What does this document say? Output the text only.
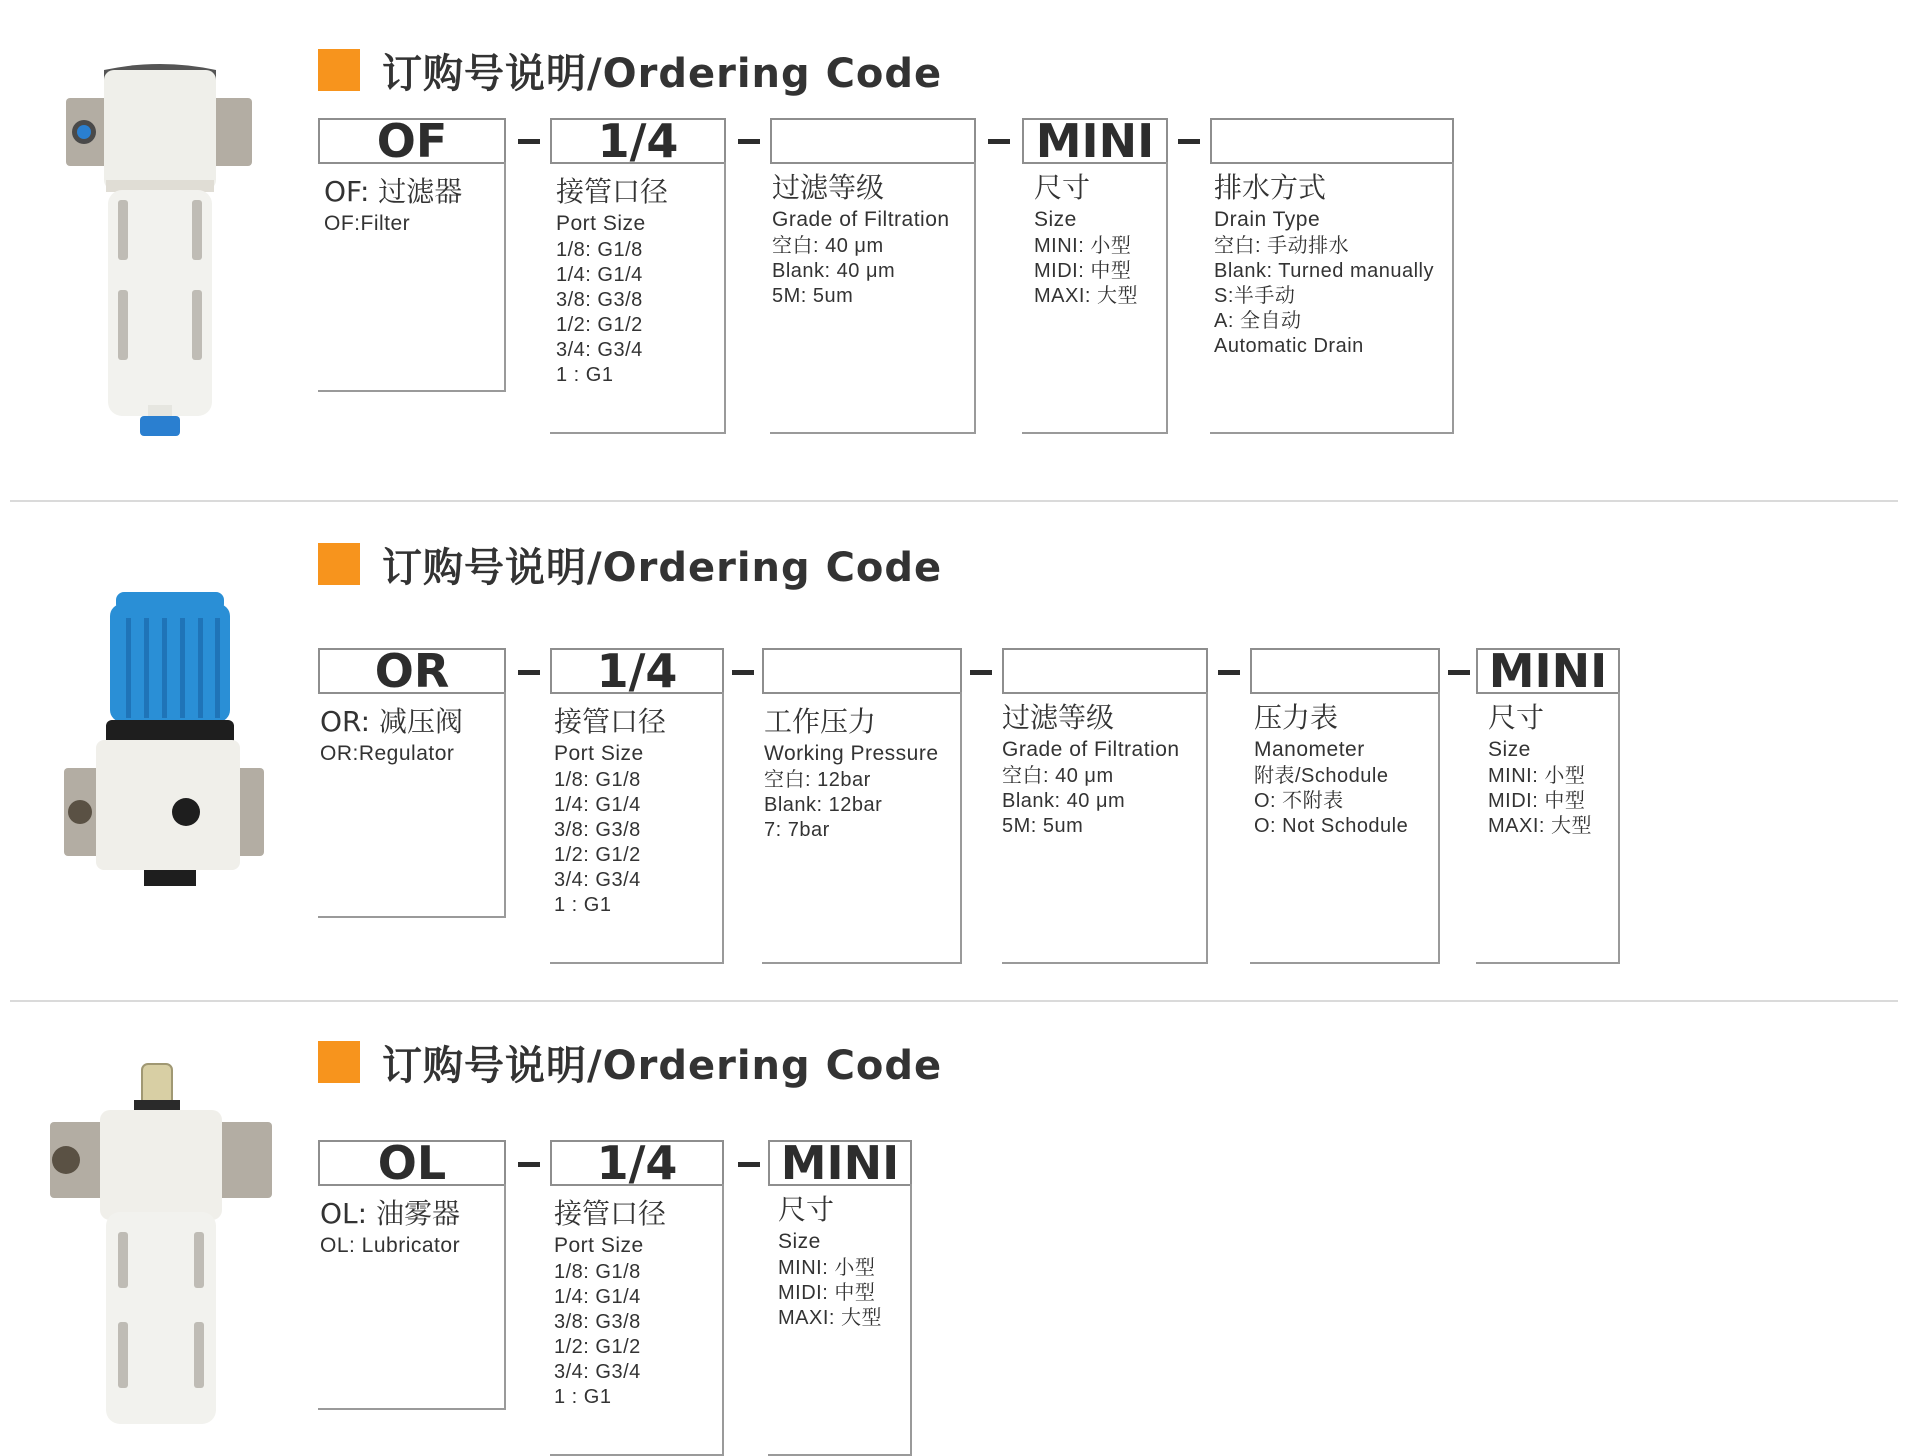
订购号说明/Ordering Code
OF
OF: 过滤器
OF:Filter
1/4
接管口径
Port Size
1/8: G1/8
1/4: G1/4
3/8: G3/8
1/2: G1/2
3/4: G3/4
1 : G1
过滤等级
Grade of Filtration
空白: 40 μm
Blank: 40 μm
5M: 5um
MINI
尺寸
Size
MINI: 小型
MIDI: 中型
MAXI: 大型
排水方式
Drain Type
空白: 手动排水
Blank: Turned manually
S:半手动
A: 全自动
Automatic Drain
订购号说明/Ordering Code
OR
OR: 减压阀
OR:Regulator
1/4
接管口径
Port Size
1/8: G1/8
1/4: G1/4
3/8: G3/8
1/2: G1/2
3/4: G3/4
1 : G1
工作压力
Working Pressure
空白: 12bar
Blank: 12bar
7: 7bar
过滤等级
Grade of Filtration
空白: 40 μm
Blank: 40 μm
5M: 5um
压力表
Manometer
附表/Schodule
O: 不附表
O: Not Schodule
MINI
尺寸
Size
MINI: 小型
MIDI: 中型
MAXI: 大型
订购号说明/Ordering Code
OL
OL: 油雾器
OL: Lubricator
1/4
接管口径
Port Size
1/8: G1/8
1/4: G1/4
3/8: G3/8
1/2: G1/2
3/4: G3/4
1 : G1
MINI
尺寸
Size
MINI: 小型
MIDI: 中型
MAXI: 大型
